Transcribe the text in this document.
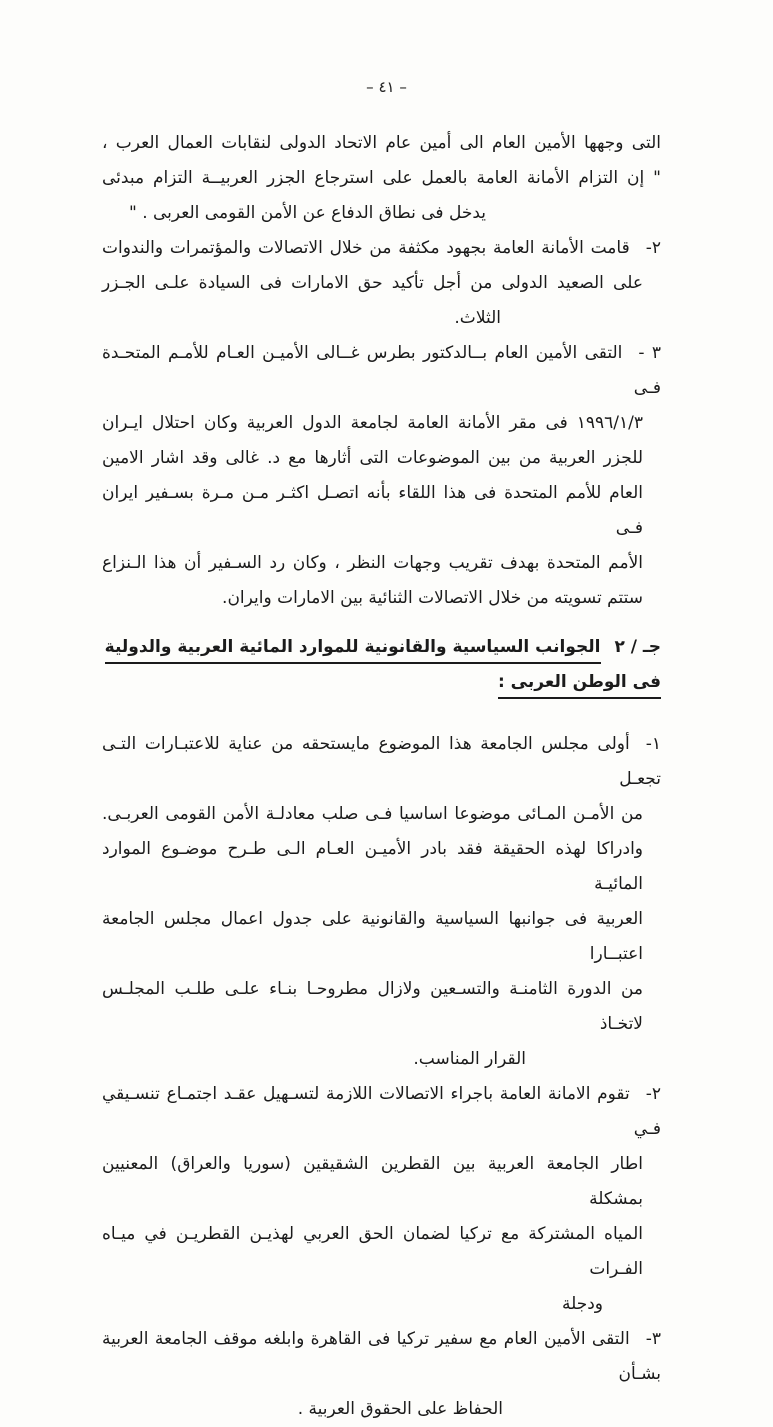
– ٤١ –
التى وجهها الأمين العام الى أمين عام الاتحاد الدولى لنقابات العمال العرب ،
" إن التزام الأمانة العامة بالعمل على استرجاع الجزر العربيــة التزام مبدئى
يدخل فى نطاق الدفاع عن الأمن القومى العربى . "
٢-قامت الأمانة العامة بجهود مكثفة من خلال الاتصالات والمؤتمرات والندوات
على الصعيد الدولى من أجل تأكيد حق الامارات فى السيادة علـى الجـزر
الثلاث.
٣ -التقى الأمين العام بــالدكتور بطرس غــالى الأميـن العـام للأمـم المتحـدة فـى
١٩٩٦/١/٣ فى مقر الأمانة العامة لجامعة الدول العربية وكان احتلال ايـران
للجزر العربية من بين الموضوعات التى أثارها مع د. غالى وقد اشار الامين
العام للأمم المتحدة فى هذا اللقاء بأنه اتصـل اكثـر مـن مـرة بسـفير ايران فـى
الأمم المتحدة بهدف تقريب وجهات النظر ، وكان رد السـفير أن هذا الـنزاع
ستتم تسويته من خلال الاتصالات الثنائية بين الامارات وايران.
جـ / ٢الجوانب السياسية والقانونية للموارد المائية العربية والدولية فى الوطن العربى :
١-أولى مجلس الجامعة هذا الموضوع مايستحقه من عناية للاعتبـارات التـى تجعـل
من الأمـن المـائى موضوعا اساسيا فـى صلب معادلـة الأمن القومى العربـى.
وادراكا لهذه الحقيقة فقد بادر الأميـن العـام الـى طـرح موضـوع الموارد المائيـة
العربية فى جوانبها السياسية والقانونية على جدول اعمال مجلس الجامعة اعتبــارا
من الدورة الثامنـة والتسـعين ولازال مطروحـا بنـاء علـى طلـب المجلـس لاتخـاذ
القرار المناسب.
٢-تقوم الامانة العامة باجراء الاتصالات اللازمة لتسـهيل عقـد اجتمـاع تنسـيقي فـي
اطار الجامعة العربية بين القطرين الشقيقين (سوريا والعراق) المعنيين بمشكلة
المياه المشتركة مع تركيا لضمان الحق العربي لهذيـن القطريـن في ميـاه الفـرات
ودجلة
٣-التقى الأمين العام مع سفير تركيا فى القاهرة وابلغه موقف الجامعة العربية بشـأن
الحفاظ على الحقوق العربية .
